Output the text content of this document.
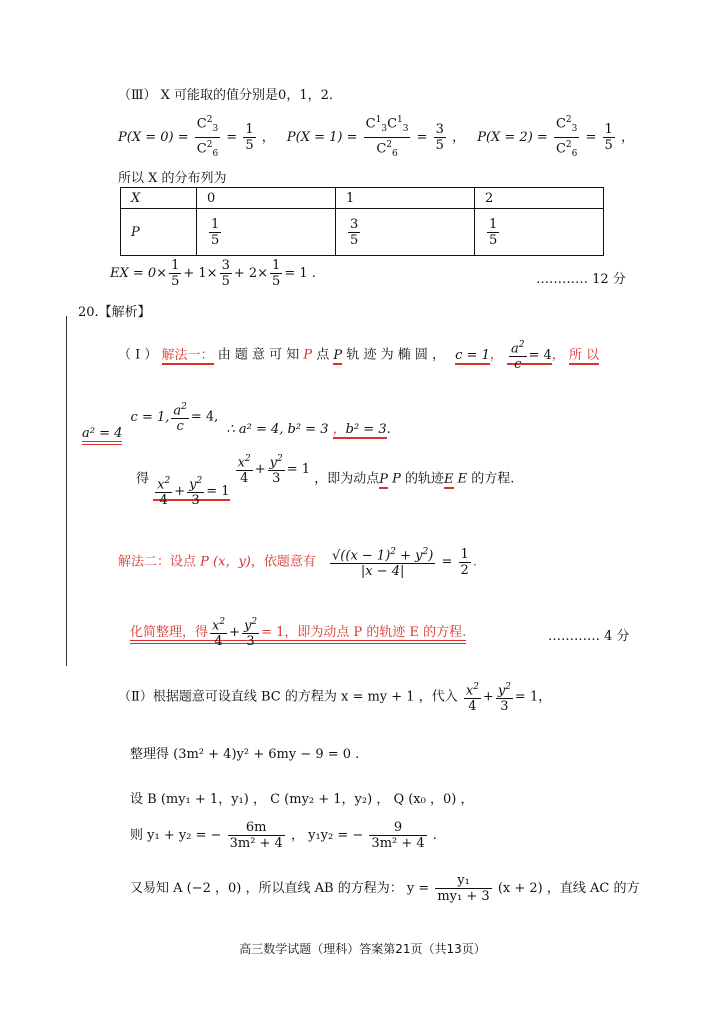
（Ⅲ） X 可能取的值分别是0，1，2．
$P(X = 0) = \frac{C^2_3}{C^2_6} = \frac{1}{5}$ ， $P(X = 1) = \frac{C^1_3C^1_3}{C^2_6} = \frac{3}{5}$ ， $P(X = 2) = \frac{C^2_3}{C^2_6} = \frac{1}{5}$ ，
所以 X 的分布列为
X	0	1	2
P	$\frac{1}{5}$	$\frac{3}{5}$	$\frac{1}{5}$
EX = $0\times \frac{1}{5} + 1\times \frac{3}{5} + 2\times \frac{1}{5} = 1$ .	………… 12 分
20.【解析】
（ Ⅰ ） 解法一： 由 题 意 可 知 P 点 P 轨 迹 为 椭 圆 ， c = 1， $\frac{a^2}{c} = 4$， 所 以
a² = 4 c = 1, $\frac{a^2}{c} = 4$, ∴ a² = 4, b² = 3 ，b² = 3.
得 $\frac{x^2}{4} + \frac{y^2}{3} = 1$
$\frac{x^2}{4} + \frac{y^2}{3} = 1$ ，即为动点P P 的轨迹E E 的方程.
解法二：设点 P (x，y)，依题意有 $\frac{√((x - 1)^2 + y^2)}{|x - 4|} = \frac{1}{2}$ .
化简整理，得 $\frac{x^2}{4} + \frac{y^2}{3} = 1$，即为动点 P 的轨迹 E 的方程.	………… 4 分
（Ⅱ）根据题意可设直线 BC 的方程为 x = my + 1 ，代入 $\frac{x^2}{4} + \frac{y^2}{3} = 1$，
整理得 (3m² + 4)y² + 6my − 9 = 0 .
设 B (my₁ + 1，y₁) ， C (my₂ + 1，y₂) ， Q (x₀ ，0) ，
则 y₁ + y₂ = − $\frac{6m}{\text{3m² + 4}}$ ， y₁y₂ = − $\frac{9}{\text{3m² + 4}}$ .
又易知 A (−2 ，0) ，所以直线 AB 的方程为： $y = \frac{\text{y₁}}{\text{my₁ + 3}} (x + 2)$ ，直线 AC 的方
高三数学试题（理科）答案第21页（共13页）
